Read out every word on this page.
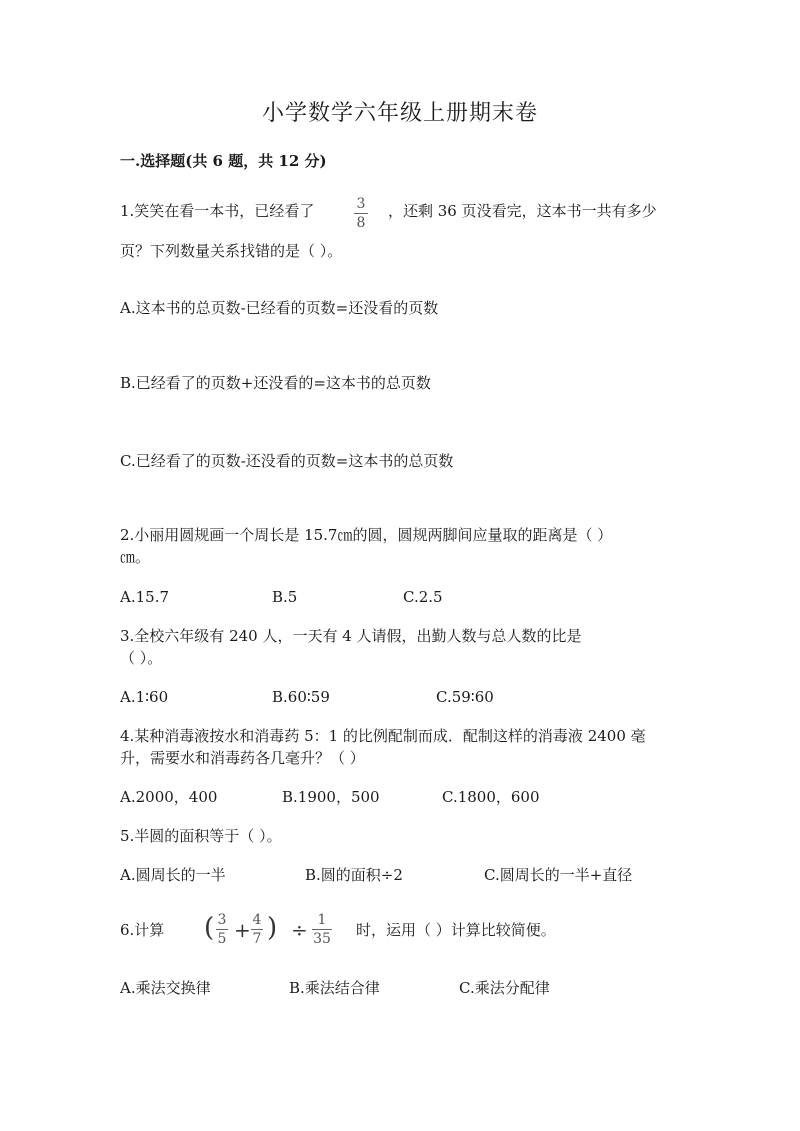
小学数学六年级上册期末卷
一.选择题(共 6 题，共 12 分)
1.笑笑在看一本书，已经看了	3
8
，还剩 36 页没看完，这本书一共有多少
页？下列数量关系找错的是（ ）。
A.这本书的总页数-已经看的页数=还没看的页数
B.已经看了的页数+还没看的=这本书的总页数
C.已经看了的页数-还没看的页数=这本书的总页数
2.小丽用圆规画一个周长是 15.7㎝的圆，圆规两脚间应量取的距离是（ ）
㎝。
A.15.7	B.5	C.2.5
3.全校六年级有 240 人，一天有 4 人请假，出勤人数与总人数的比是
（ ）。
A.1∶60	B.60∶59	C.59∶60
4.某种消毒液按水和消毒药 5：1 的比例配制而成．配制这样的消毒液 2400 毫
升，需要水和消毒药各几毫升？（ ）
A.2000，400	B.1900，500	C.1800，600
5.半圆的面积等于（ ）。
A.圆周长的一半	B.圆的面积÷2	C.圆周长的一半+直径
6.计算 ( 3
5 + 4
7 ) ÷ 1
35 时，运用（ ）计算比较简便。
A.乘法交换律	B.乘法结合律	C.乘法分配律
